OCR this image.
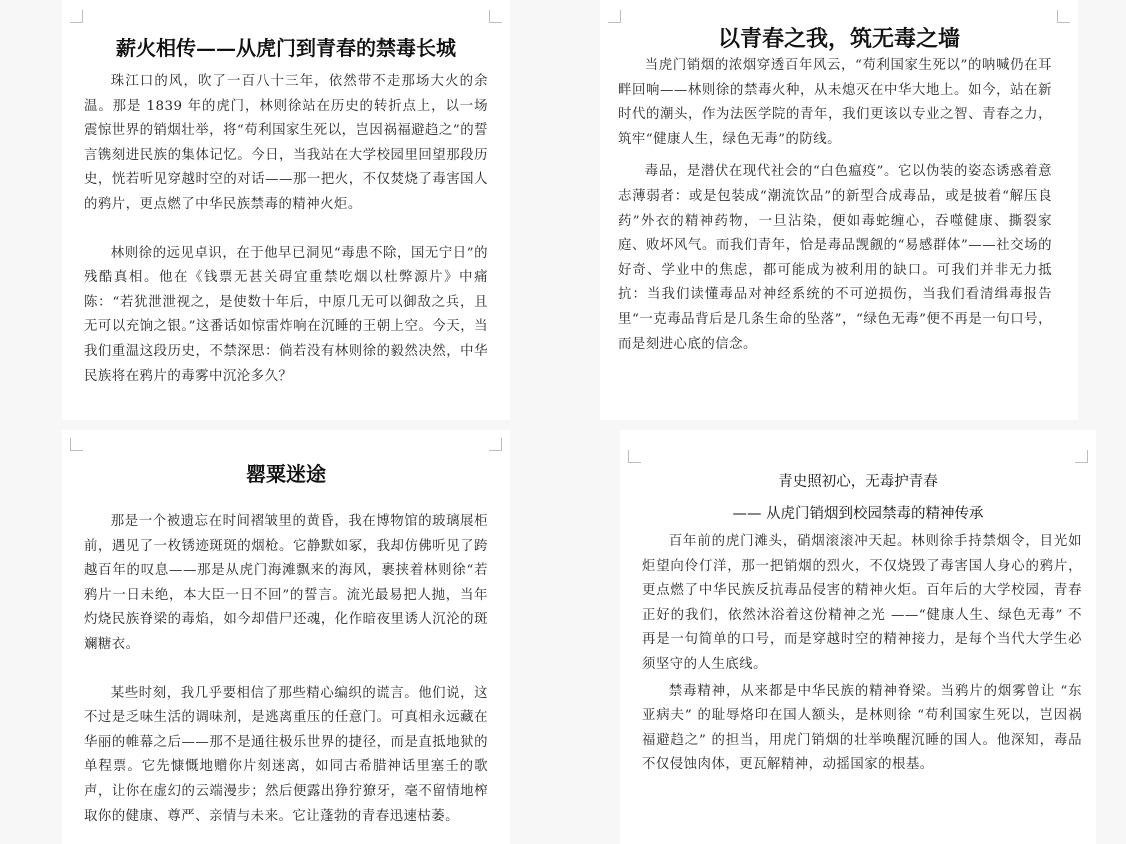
薪火相传——从虎门到青春的禁毒长城

珠江口的风，吹了一百八十三年，依然带不走那场大火的余温。那是 1839 年的虎门，林则徐站在历史的转折点上，以一场震惊世界的销烟壮举，将“苟利国家生死以，岂因祸福避趋之”的誓言镌刻进民族的集体记忆。今日，当我站在大学校园里回望那段历史，恍若听见穿越时空的对话——那一把火，不仅焚烧了毒害国人的鸦片，更点燃了中华民族禁毒的精神火炬。

林则徐的远见卓识，在于他早已洞见“毒患不除，国无宁日”的残酷真相。他在《钱票无甚关碍宜重禁吃烟以杜弊源片》中痛陈：“若犹泄泄视之，是使数十年后，中原几无可以御敌之兵，且无可以充饷之银。”这番话如惊雷炸响在沉睡的王朝上空。今天，当我们重温这段历史，不禁深思：倘若没有林则徐的毅然决然，中华民族将在鸦片的毒雾中沉沦多久？

以青春之我，筑无毒之墙

当虎门销烟的浓烟穿透百年风云，“苟利国家生死以”的呐喊仍在耳畔回响——林则徐的禁毒火种，从未熄灭在中华大地上。如今，站在新时代的潮头，作为法医学院的青年，我们更该以专业之智、青春之力，筑牢“健康人生，绿色无毒”的防线。

毒品，是潜伏在现代社会的“白色瘟疫”。它以伪装的姿态诱惑着意志薄弱者：或是包装成“潮流饮品”的新型合成毒品，或是披着“解压良药”外衣的精神药物，一旦沾染，便如毒蛇缠心，吞噬健康、撕裂家庭、败坏风气。而我们青年，恰是毒品觊觎的“易感群体”——社交场的好奇、学业中的焦虑，都可能成为被利用的缺口。可我们并非无力抵抗：当我们读懂毒品对神经系统的不可逆损伤，当我们看清缉毒报告里“一克毒品背后是几条生命的坠落”，“绿色无毒”便不再是一句口号，而是刻进心底的信念。

罂粟迷途

那是一个被遗忘在时间褶皱里的黄昏，我在博物馆的玻璃展柜前，遇见了一枚锈迹斑斑的烟枪。它静默如冢，我却仿佛听见了跨越百年的叹息——那是从虎门海滩飘来的海风，裹挟着林则徐“若鸦片一日未绝，本大臣一日不回”的誓言。流光最易把人抛，当年灼烧民族脊梁的毒焰，如今却借尸还魂，化作暗夜里诱人沉沦的斑斓糖衣。

某些时刻，我几乎要相信了那些精心编织的谎言。他们说，这不过是乏味生活的调味剂，是逃离重压的任意门。可真相永远藏在华丽的帷幕之后——那不是通往极乐世界的捷径，而是直抵地狱的单程票。它先慷慨地赠你片刻迷离，如同古希腊神话里塞壬的歌声，让你在虚幻的云端漫步；然后便露出狰狞獠牙，毫不留情地榨取你的健康、尊严、亲情与未来。它让蓬勃的青春迅速枯萎。

青史照初心，无毒护青春
—— 从虎门销烟到校园禁毒的精神传承

百年前的虎门滩头，硝烟滚滚冲天起。林则徐手持禁烟令，目光如炬望向伶仃洋，那一把销烟的烈火，不仅烧毁了毒害国人身心的鸦片，更点燃了中华民族反抗毒品侵害的精神火炬。百年后的大学校园，青春正好的我们，依然沐浴着这份精神之光 ——“健康人生、绿色无毒” 不再是一句简单的口号，而是穿越时空的精神接力，是每个当代大学生必须坚守的人生底线。

禁毒精神，从来都是中华民族的精神脊梁。当鸦片的烟雾曾让 “东亚病夫” 的耻辱烙印在国人额头，是林则徐 “苟利国家生死以，岂因祸福避趋之” 的担当，用虎门销烟的壮举唤醒沉睡的国人。他深知，毒品不仅侵蚀肉体，更瓦解精神，动摇国家的根基。
